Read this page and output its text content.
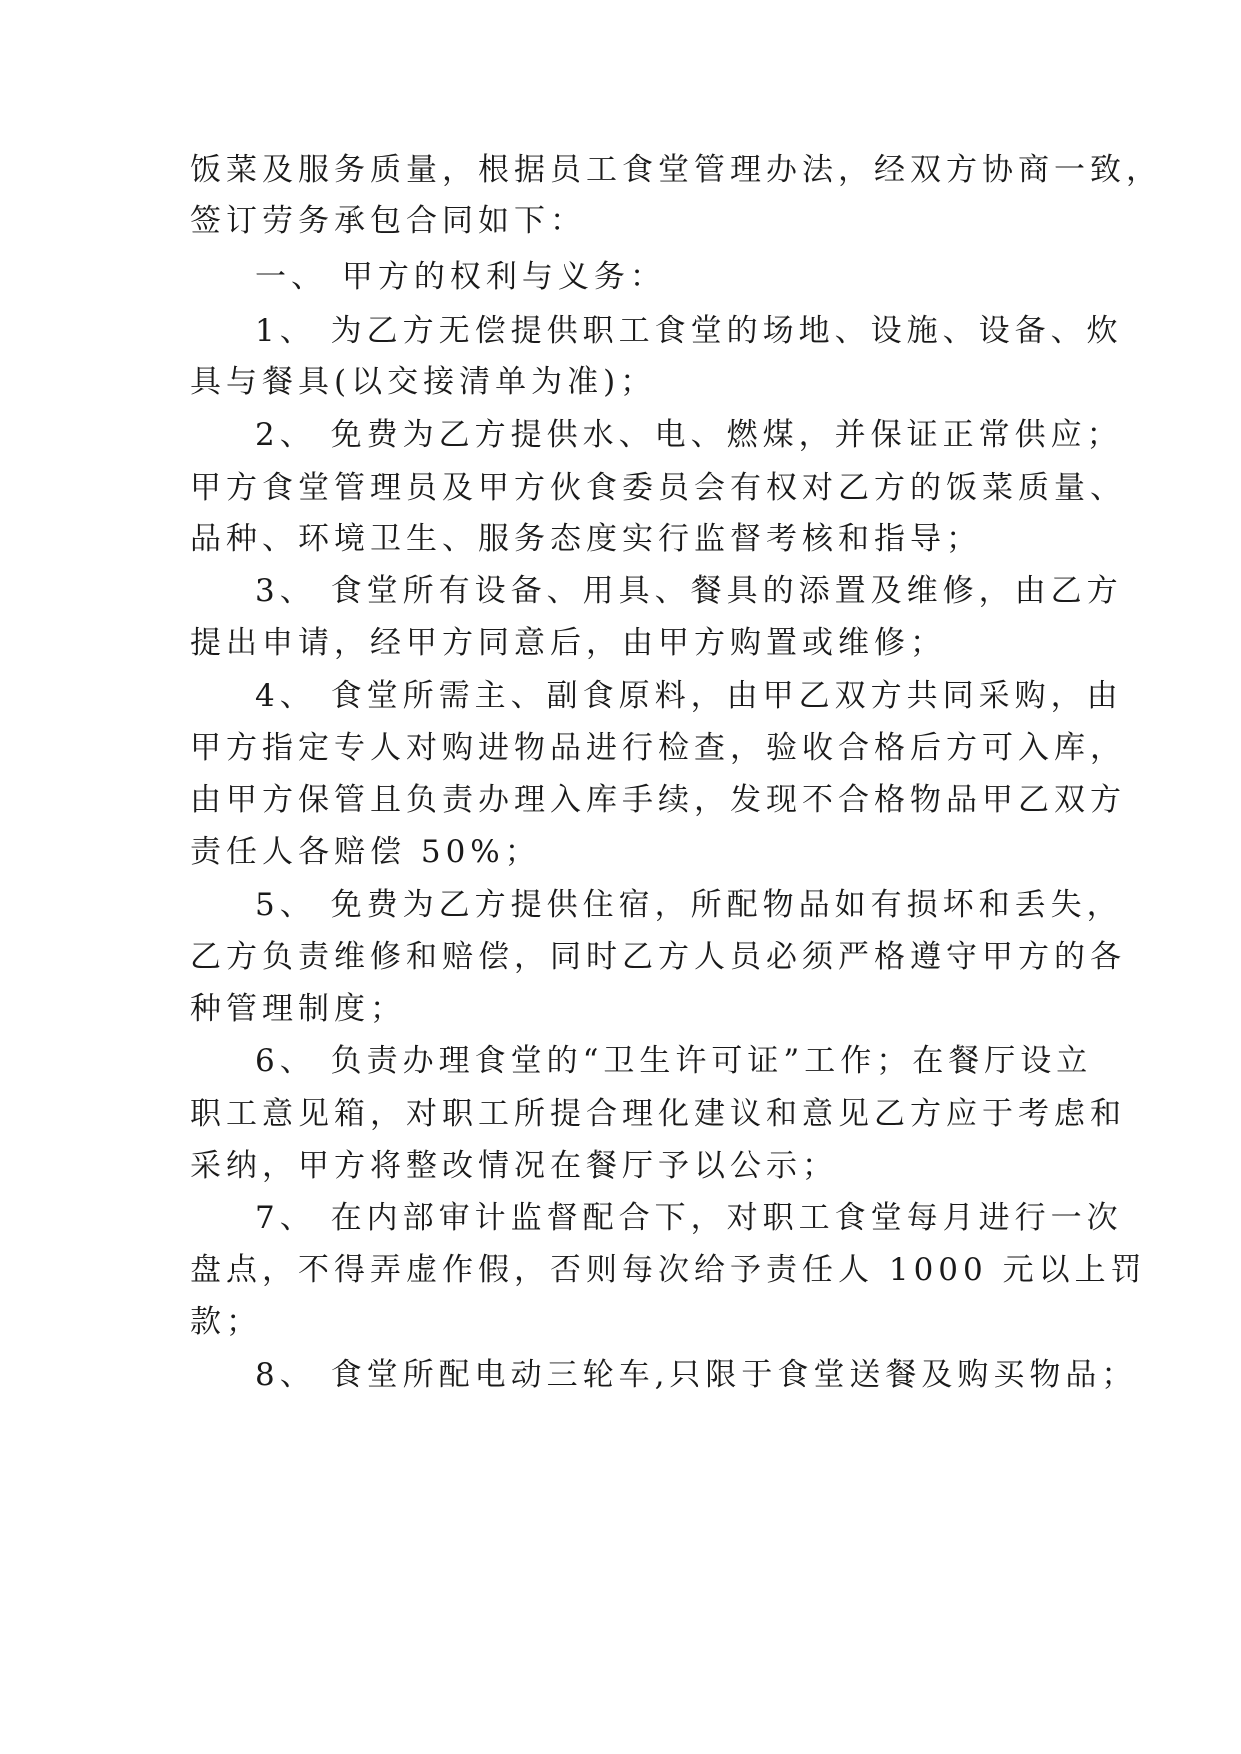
饭菜及服务质量，根据员工食堂管理办法，经双方协商一致，
签订劳务承包合同如下：
一、 甲方的权利与义务：
1、 为乙方无偿提供职工食堂的场地、设施、设备、炊
具与餐具(以交接清单为准)；
2、 免费为乙方提供水、电、燃煤，并保证正常供应；
甲方食堂管理员及甲方伙食委员会有权对乙方的饭菜质量、
品种、环境卫生、服务态度实行监督考核和指导；
3、 食堂所有设备、用具、餐具的添置及维修，由乙方
提出申请，经甲方同意后，由甲方购置或维修；
4、 食堂所需主、副食原料，由甲乙双方共同采购，由
甲方指定专人对购进物品进行检查，验收合格后方可入库，
由甲方保管且负责办理入库手续，发现不合格物品甲乙双方
责任人各赔偿 50%；
5、 免费为乙方提供住宿，所配物品如有损坏和丢失，
乙方负责维修和赔偿，同时乙方人员必须严格遵守甲方的各
种管理制度；
6、 负责办理食堂的“卫生许可证”工作；在餐厅设立
职工意见箱，对职工所提合理化建议和意见乙方应于考虑和
采纳，甲方将整改情况在餐厅予以公示；
7、 在内部审计监督配合下，对职工食堂每月进行一次
盘点，不得弄虚作假，否则每次给予责任人 1000 元以上罚
款；
8、 食堂所配电动三轮车,只限于食堂送餐及购买物品；
